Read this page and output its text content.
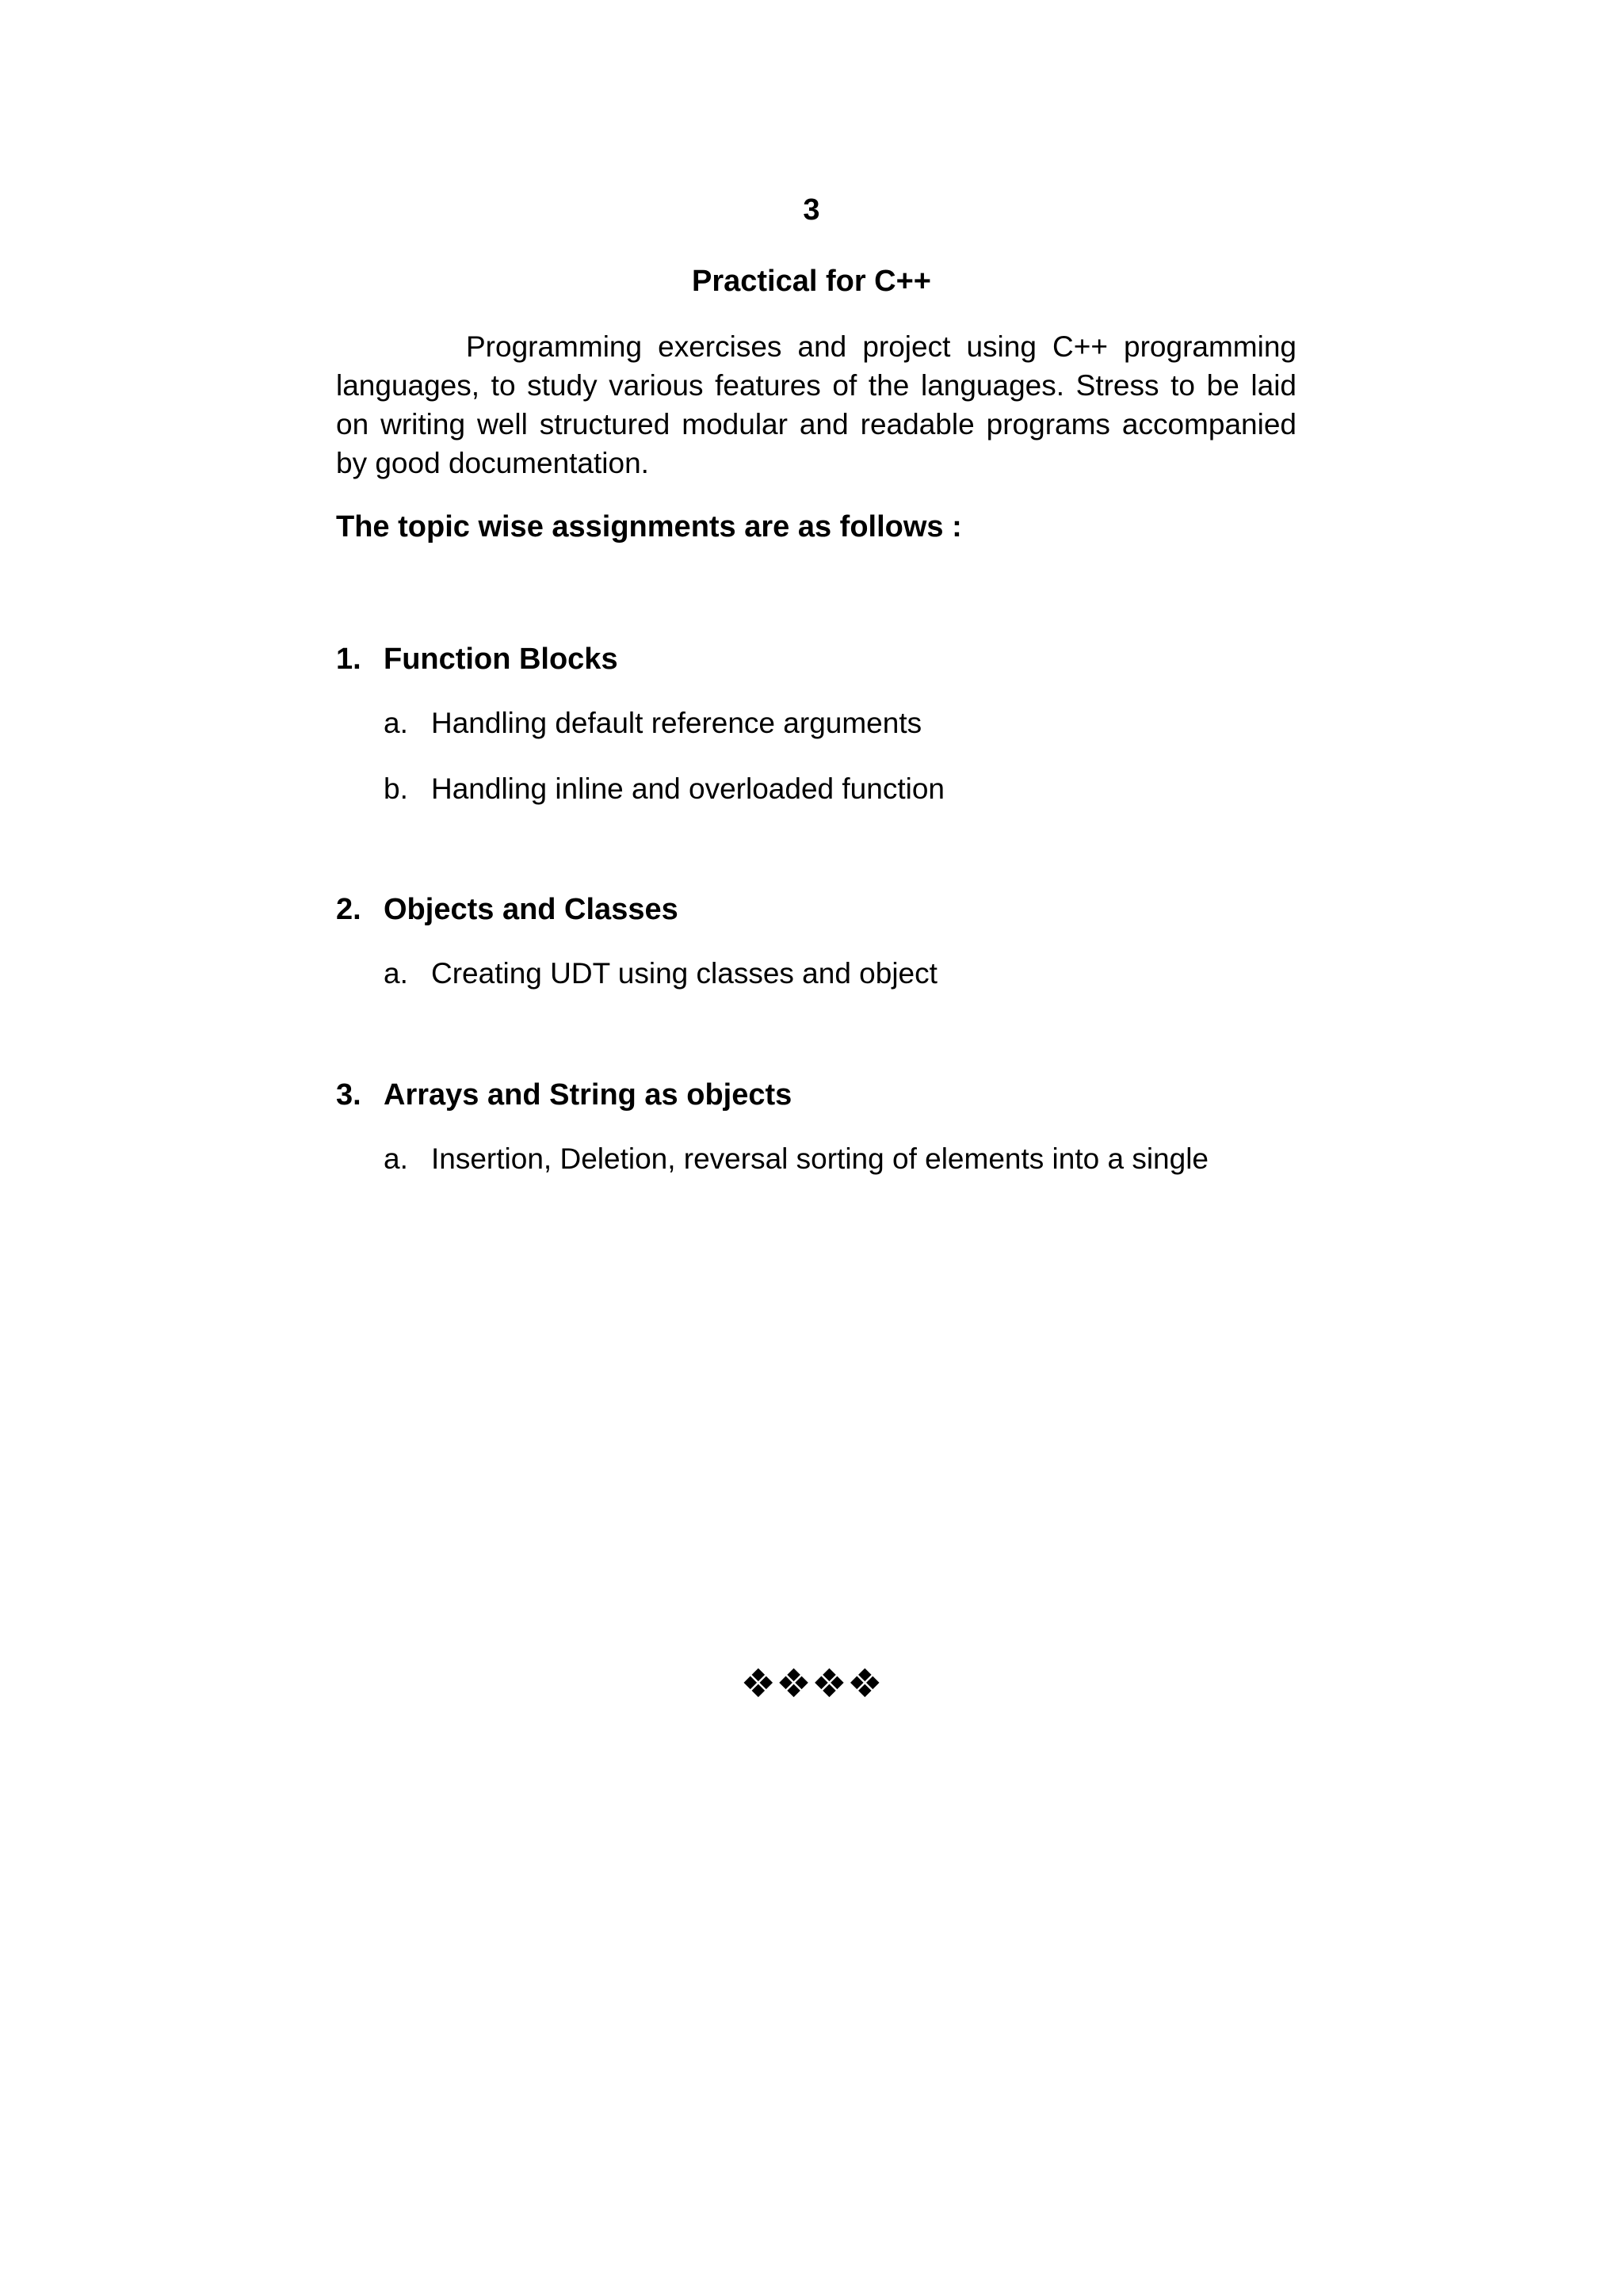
3
Practical for C++

Programming exercises and project using C++ programming languages, to study various features of the languages. Stress to be laid on writing well structured modular and readable programs accompanied by good documentation.

The topic wise assignments are as follows :

1. Function Blocks

a. Handling default reference arguments

b. Handling inline and overloaded function

2. Objects and Classes

a. Creating UDT using classes and object

3. Arrays and String as objects

a. Insertion, Deletion, reversal sorting of elements into a single

❖❖❖❖
